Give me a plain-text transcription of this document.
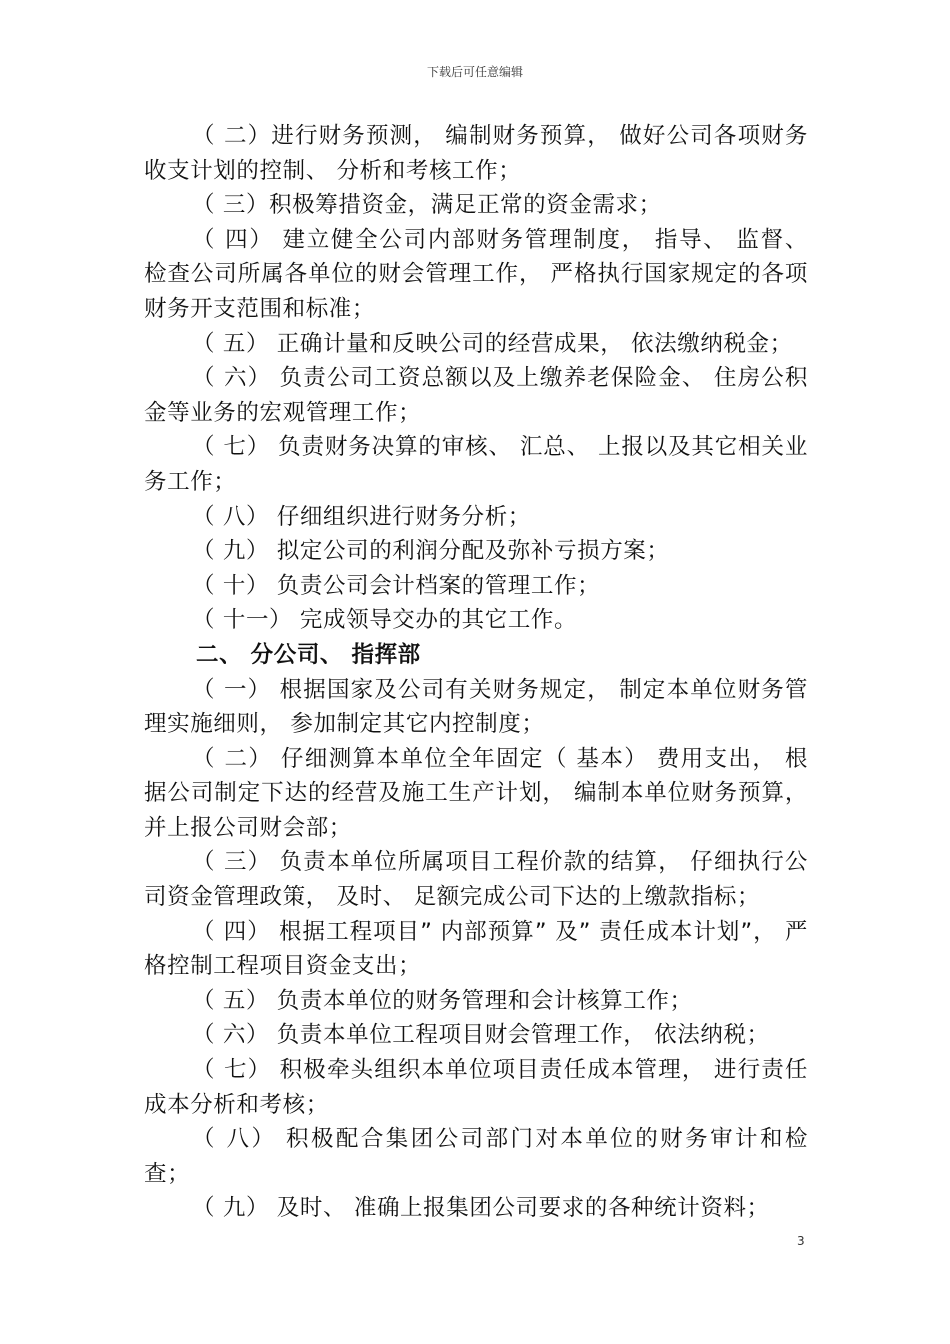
下载后可任意编辑

（ 二）进行财务预测， 编制财务预算， 做好公司各项财务收支计划的控制、 分析和考核工作；

（ 三）积极筹措资金，满足正常的资金需求；

（ 四） 建立健全公司内部财务管理制度， 指导、 监督、 检查公司所属各单位的财会管理工作， 严格执行国家规定的各项财务开支范围和标准；

（ 五） 正确计量和反映公司的经营成果， 依法缴纳税金；

（ 六） 负责公司工资总额以及上缴养老保险金、 住房公积金等业务的宏观管理工作；

（ 七） 负责财务决算的审核、 汇总、 上报以及其它相关业务工作；

（ 八） 仔细组织进行财务分析；

（ 九） 拟定公司的利润分配及弥补亏损方案；

（ 十） 负责公司会计档案的管理工作；

（ 十一） 完成领导交办的其它工作。

二、 分公司、 指挥部

（ 一） 根据国家及公司有关财务规定， 制定本单位财务管理实施细则， 参加制定其它内控制度；

（ 二） 仔细测算本单位全年固定（ 基本） 费用支出， 根据公司制定下达的经营及施工生产计划， 编制本单位财务预算， 并上报公司财会部；

（ 三） 负责本单位所属项目工程价款的结算， 仔细执行公司资金管理政策， 及时、 足额完成公司下达的上缴款指标；

（ 四） 根据工程项目” 内部预算” 及” 责任成本计划”， 严格控制工程项目资金支出；

（ 五） 负责本单位的财务管理和会计核算工作；

（ 六） 负责本单位工程项目财会管理工作， 依法纳税；

（ 七） 积极牵头组织本单位项目责任成本管理， 进行责任成本分析和考核；

（ 八） 积极配合集团公司部门对本单位的财务审计和检查；

（ 九） 及时、 准确上报集团公司要求的各种统计资料；

3
